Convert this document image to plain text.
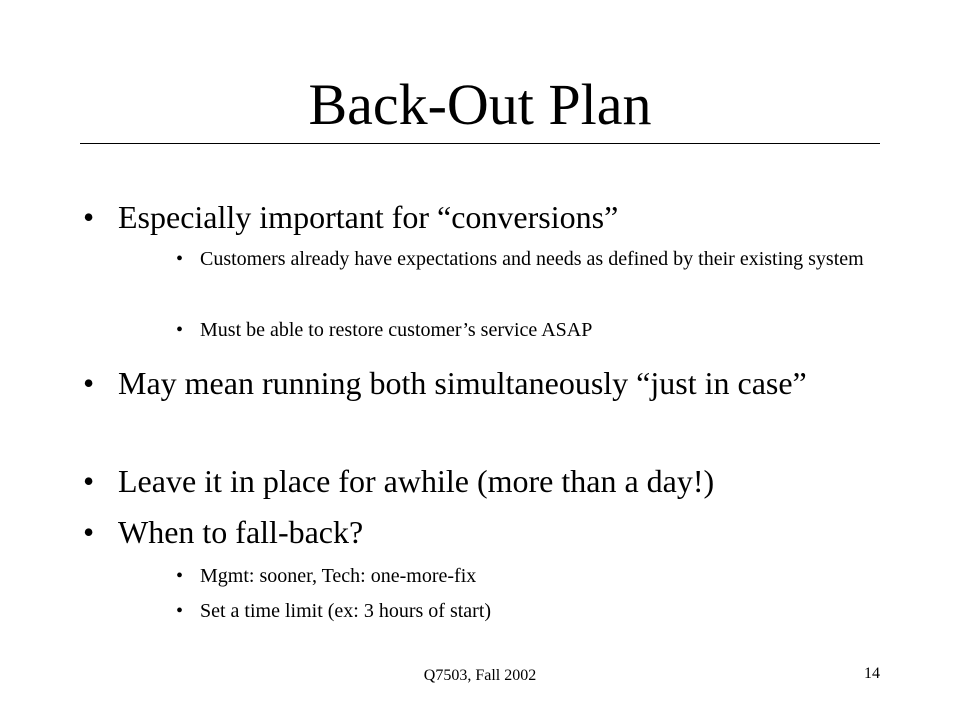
Back-Out Plan
• Especially important for “conversions”
• Customers already have expectations and needs as defined by their existing system
• Must be able to restore customer’s service ASAP
• May mean running both simultaneously “just in case”
• Leave it in place for awhile (more than a day!)
• When to fall-back?
• Mgmt: sooner, Tech: one-more-fix
• Set a time limit (ex: 3 hours of start)
Q7503, Fall 2002	14
